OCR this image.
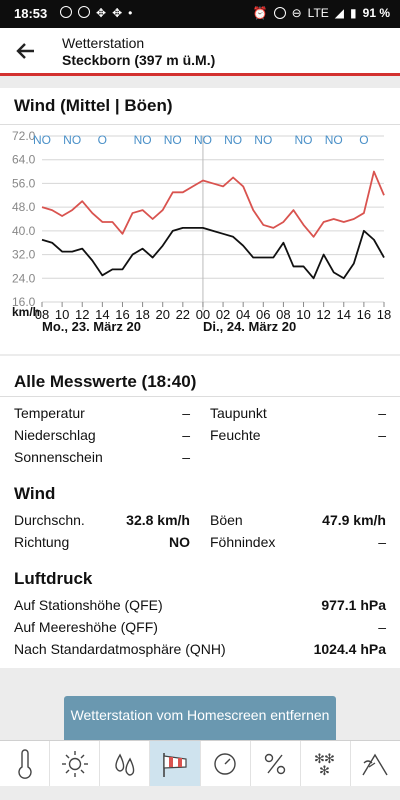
18:53	✥ ✥ •	⏰ ⊖ LTE ◢ ▮ 91 %
Wetterstation
Steckborn (397 m ü.M.)
Wind (Mittel | Böen)
72.0
64.0
56.0
48.0
40.0
32.0
24.0
16.0
NO NO O NO NO NO NO NO NO NO O
08 10 12 14 16 18 20 22 00 02 04 06 08 10 12 14 16 18
km/h
Mo., 23. März 20	Di., 24. März 20
Alle Messwerte (18:40)
Temperatur	– Taupunkt	–
Niederschlag	– Feuchte	–
Sonnenschein	–
Wind
Durchschn.	32.8 km/h Böen	47.9 km/h
Richtung	NO Föhnindex	–
Luftdruck
Auf Stationshöhe (QFE)	977.1 hPa
Auf Meereshöhe (QFF)	–
Nach Standardatmosphäre (QNH)	1024.4 hPa
Wetterstation vom Homescreen entfernen
✻ ✻
✻
